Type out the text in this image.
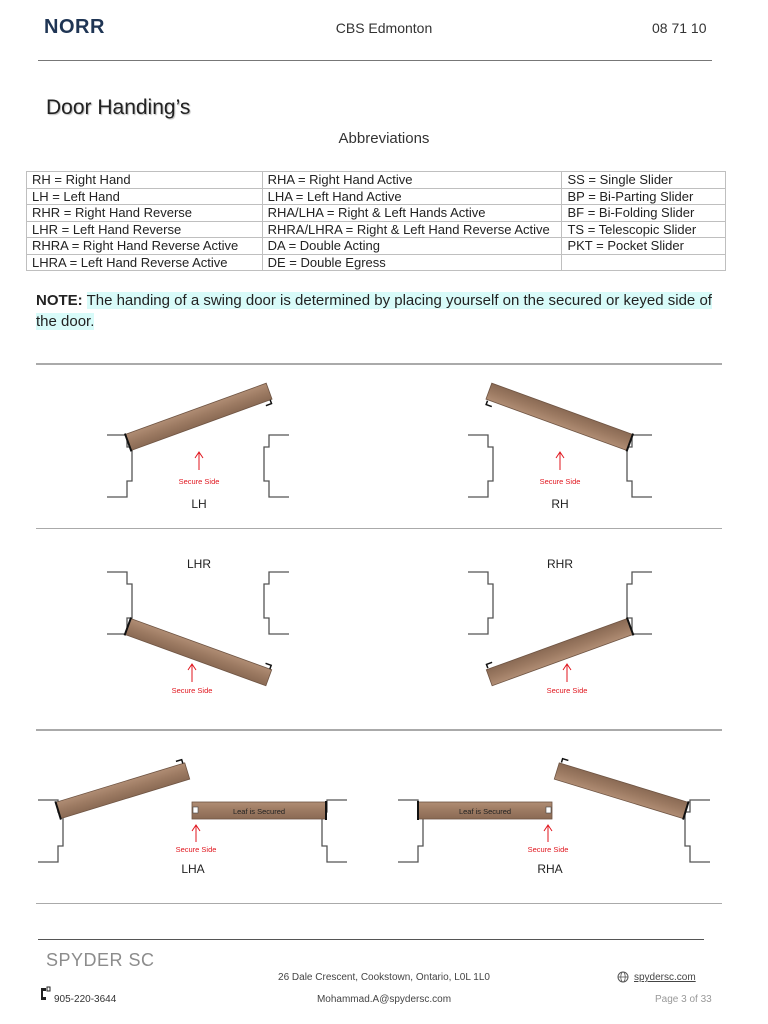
NORR	CBS Edmonton	08 71 10
Door Handing’s
Abbreviations
RH = Right Hand	RHA = Right Hand Active	SS = Single Slider
LH = Left Hand	LHA = Left Hand Active	BP = Bi-Parting Slider
RHR = Right Hand Reverse	RHA/LHA = Right & Left Hands Active	BF = Bi-Folding Slider
LHR = Left Hand Reverse	RHRA/LHRA = Right & Left Hand Reverse Active	TS = Telescopic Slider
RHRA = Right Hand Reverse Active	DA = Double Acting	PKT = Pocket Slider
LHRA = Left Hand Reverse Active	DE = Double Egress	
NOTE: The handing of a swing door is determined by placing yourself on the secured or keyed side of the door.
Secure Side
LH
Secure Side
RH
Secure Side
LHR
Secure Side
RHR
Leaf is Secured
Secure Side
LHA
Leaf is Secured
Secure Side
RHA
SPYDER SC
26 Dale Crescent, Cookstown, Ontario, L0L 1L0	spydersc.com
905-220-3644	Mohammad.A@spydersc.com	Page 3 of 33
